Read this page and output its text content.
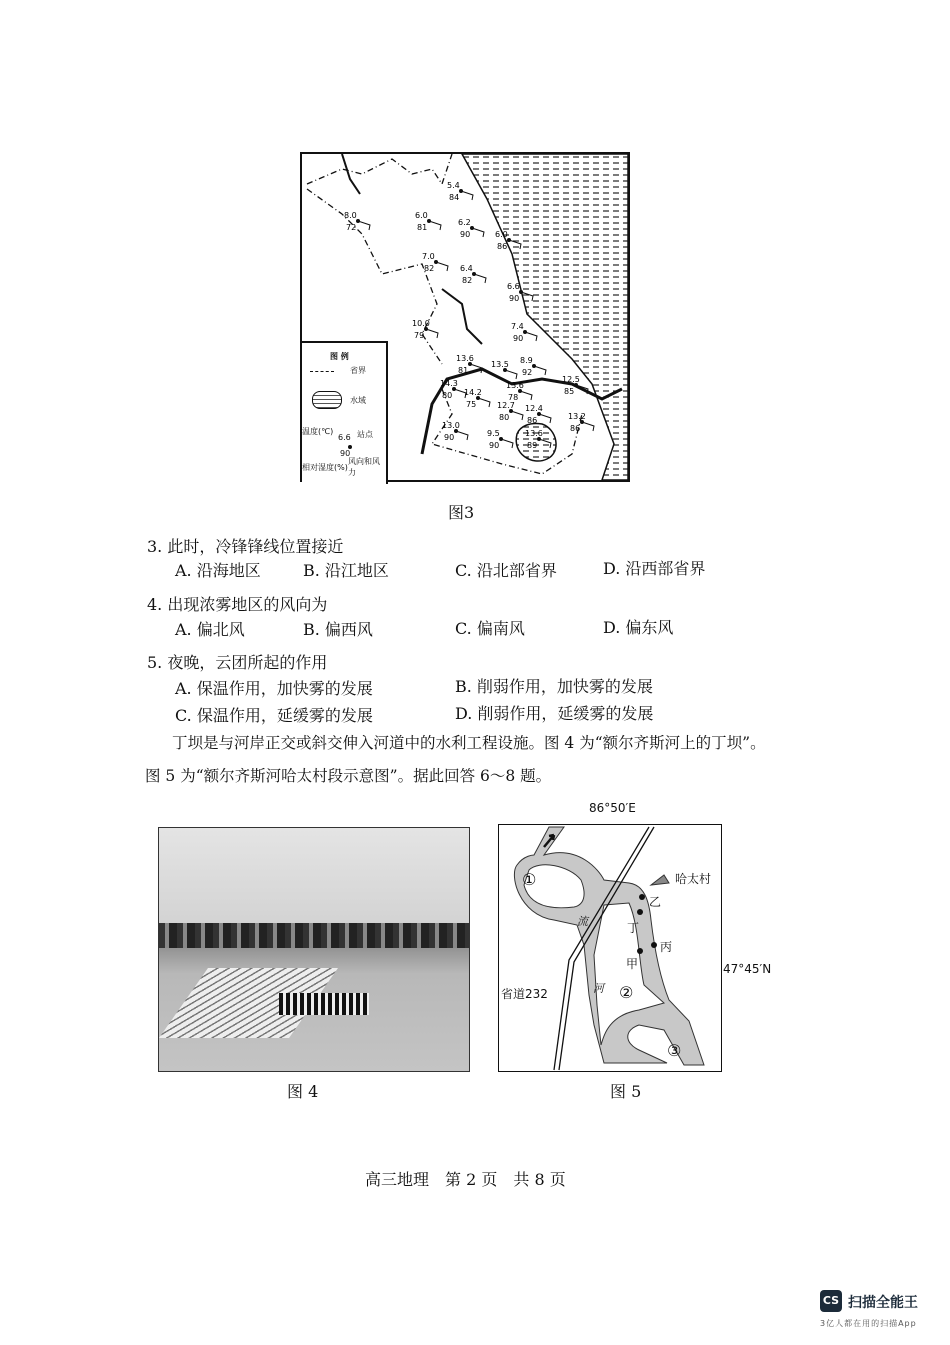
5.4
84
8.0
72
6.0
81
6.2
90	6.0
86
7.0
82	6.4
82
6.6
90
10.0
79
7.4
90
13.6
81
13.5 8.9
92
12.5
85
14.3
80 14.2
75
13.6
78
12.7
80
12.4
86	13.2
86
13.0
90	9.5
90
13.6
89
图 例
省界
水域
温度(℃)
6.6
90
站点
相对湿度(%)
风向和风力
图3
3. 此时，冷锋锋线位置接近
A. 沿海地区	B. 沿江地区	C. 沿北部省界	D. 沿西部省界
4. 出现浓雾地区的风向为
A. 偏北风	B. 偏西风	C. 偏南风	D. 偏东风
5. 夜晚，云团所起的作用
A. 保温作用，加快雾的发展	B. 削弱作用，加快雾的发展
C. 保温作用，延缓雾的发展	D. 削弱作用，延缓雾的发展
丁坝是与河岸正交或斜交伸入河道中的水利工程设施。图 4 为“额尔齐斯河上的丁坝”。
图 5 为“额尔齐斯河哈太村段示意图”。据此回答 6～8 题。
图 4
86°50′E
①
②
③
哈太村
乙
丁
丙
甲
流
河
省道232
47°45′N
图 5
高三地理　第 2 页　共 8 页
CS 扫描全能王
3亿人都在用的扫描App
